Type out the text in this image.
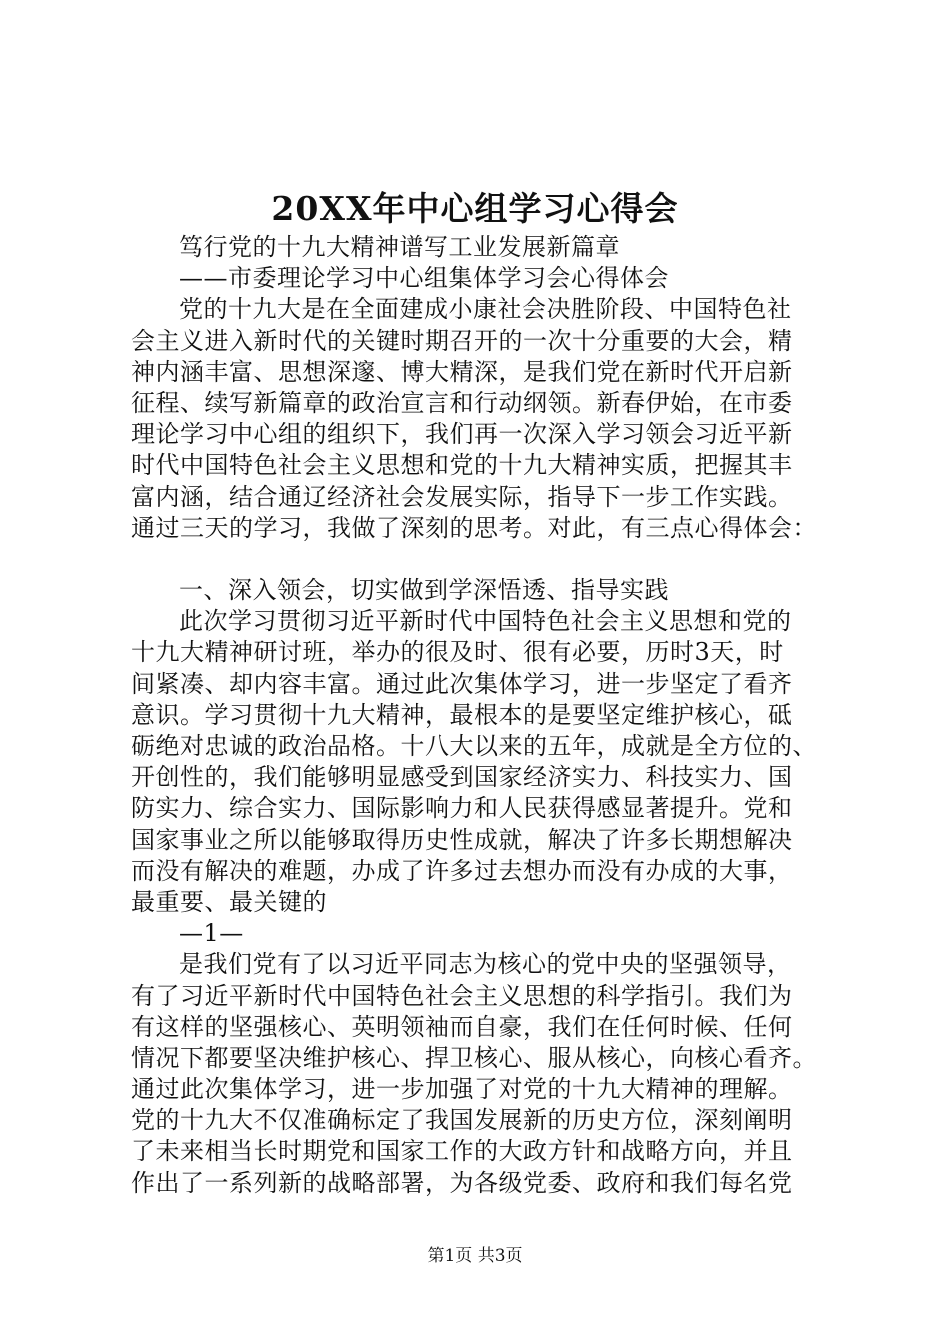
20XX年中心组学习心得会
笃行党的十九大精神谱写工业发展新篇章
——市委理论学习中心组集体学习会心得体会
党的十九大是在全面建成小康社会决胜阶段、中国特色社
会主义进入新时代的关键时期召开的一次十分重要的大会，精
神内涵丰富、思想深邃、博大精深，是我们党在新时代开启新
征程、续写新篇章的政治宣言和行动纲领。新春伊始，在市委
理论学习中心组的组织下，我们再一次深入学习领会习近平新
时代中国特色社会主义思想和党的十九大精神实质，把握其丰
富内涵，结合通辽经济社会发展实际，指导下一步工作实践。
通过三天的学习，我做了深刻的思考。对此，有三点心得体会：
一、深入领会，切实做到学深悟透、指导实践
此次学习贯彻习近平新时代中国特色社会主义思想和党的
十九大精神研讨班，举办的很及时、很有必要，历时3天，时
间紧凑、却内容丰富。通过此次集体学习，进一步坚定了看齐
意识。学习贯彻十九大精神，最根本的是要坚定维护核心，砥
砺绝对忠诚的政治品格。十八大以来的五年，成就是全方位的、
开创性的，我们能够明显感受到国家经济实力、科技实力、国
防实力、综合实力、国际影响力和人民获得感显著提升。党和
国家事业之所以能够取得历史性成就，解决了许多长期想解决
而没有解决的难题，办成了许多过去想办而没有办成的大事，
最重要、最关键的
—1—
是我们党有了以习近平同志为核心的党中央的坚强领导，
有了习近平新时代中国特色社会主义思想的科学指引。我们为
有这样的坚强核心、英明领袖而自豪，我们在任何时候、任何
情况下都要坚决维护核心、捍卫核心、服从核心，向核心看齐。
通过此次集体学习，进一步加强了对党的十九大精神的理解。
党的十九大不仅准确标定了我国发展新的历史方位，深刻阐明
了未来相当长时期党和国家工作的大政方针和战略方向，并且
作出了一系列新的战略部署，为各级党委、政府和我们每名党
第1页 共3页
